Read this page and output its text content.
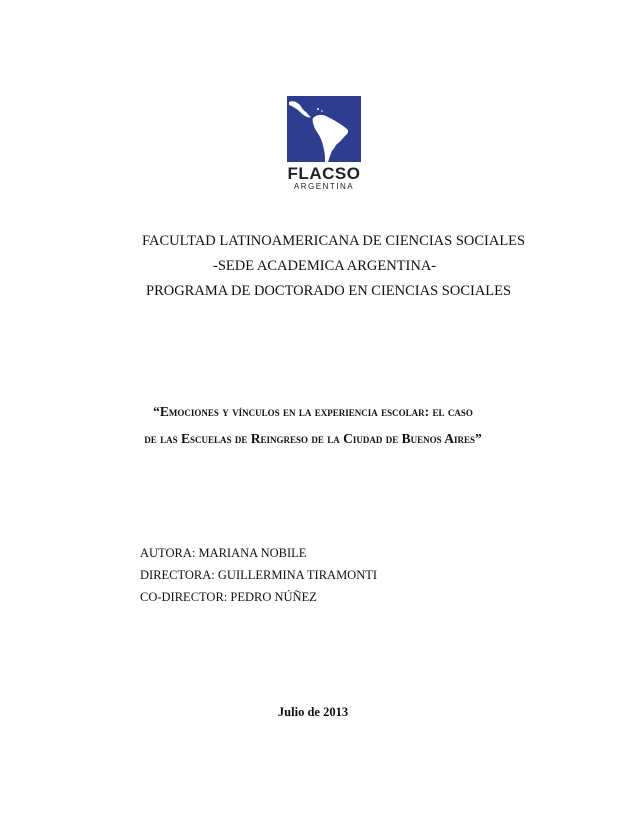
FLACSO
ARGENTINA
FACULTAD LATINOAMERICANA DE CIENCIAS SOCIALES
-SEDE ACADEMICA ARGENTINA-
PROGRAMA DE DOCTORADO EN CIENCIAS SOCIALES
“Emociones y vínculos en la experiencia escolar: el caso
de las Escuelas de Reingreso de la Ciudad de Buenos Aires”
AUTORA: MARIANA NOBILE
DIRECTORA: GUILLERMINA TIRAMONTI
CO-DIRECTOR: PEDRO NÚÑEZ
Julio de 2013
